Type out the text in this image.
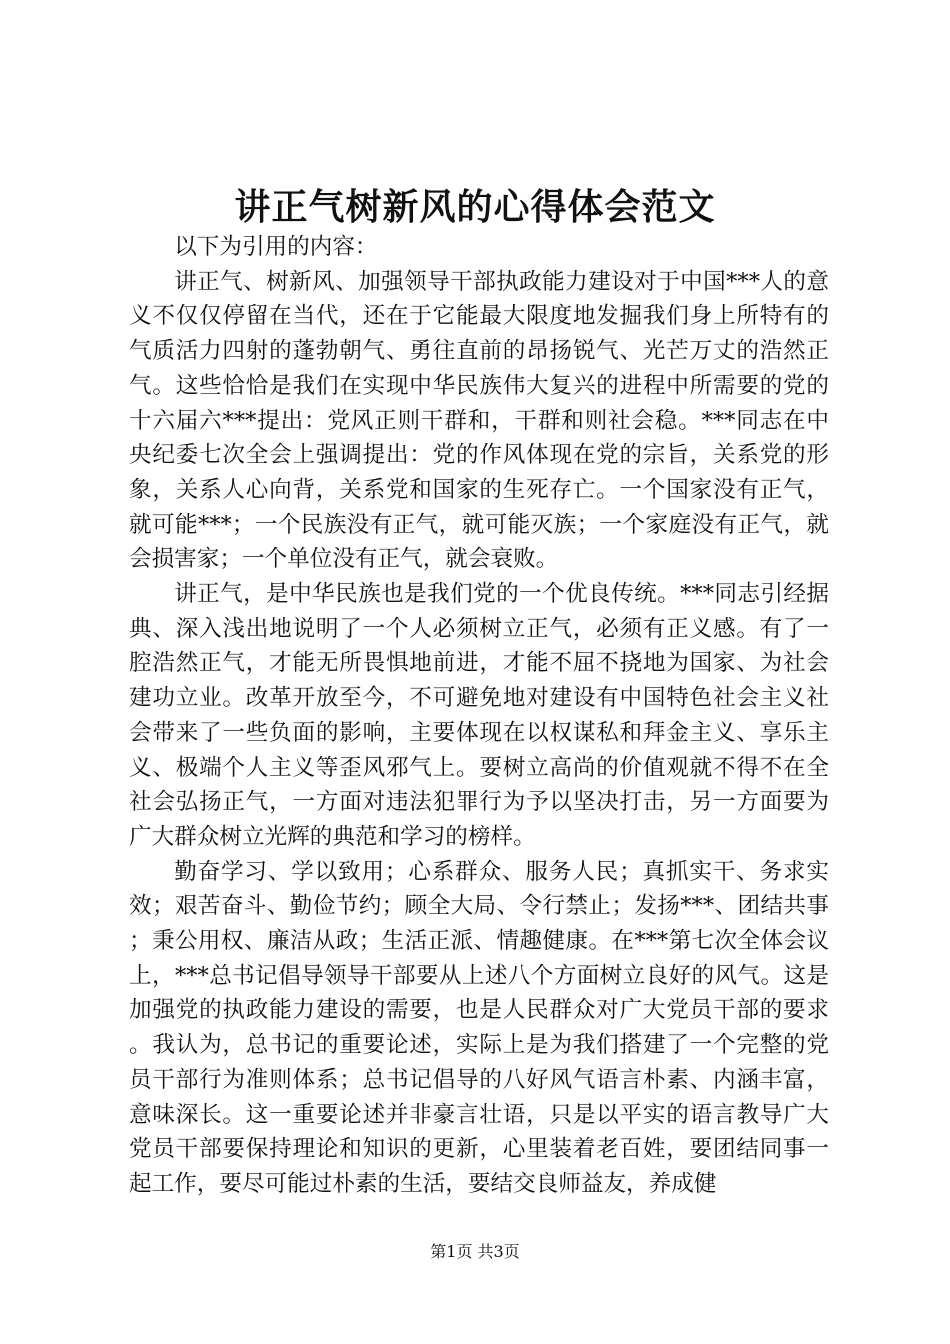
讲正气树新风的心得体会范文

以下为引用的内容：

讲正气、树新风、加强领导干部执政能力建设对于中国***人的意义不仅仅停留在当代，还在于它能最大限度地发掘我们身上所特有的气质活力四射的蓬勃朝气、勇往直前的昂扬锐气、光芒万丈的浩然正气。这些恰恰是我们在实现中华民族伟大复兴的进程中所需要的党的十六届六***提出：党风正则干群和，干群和则社会稳。***同志在中央纪委七次全会上强调提出：党的作风体现在党的宗旨，关系党的形象，关系人心向背，关系党和国家的生死存亡。一个国家没有正气，就可能***；一个民族没有正气，就可能灭族；一个家庭没有正气，就会损害家；一个单位没有正气，就会衰败。

讲正气，是中华民族也是我们党的一个优良传统。***同志引经据典、深入浅出地说明了一个人必须树立正气，必须有正义感。有了一腔浩然正气，才能无所畏惧地前进，才能不屈不挠地为国家、为社会建功立业。改革开放至今，不可避免地对建设有中国特色社会主义社会带来了一些负面的影响，主要体现在以权谋私和拜金主义、享乐主义、极端个人主义等歪风邪气上。要树立高尚的价值观就不得不在全社会弘扬正气，一方面对违法犯罪行为予以坚决打击，另一方面要为广大群众树立光辉的典范和学习的榜样。

勤奋学习、学以致用；心系群众、服务人民；真抓实干、务求实效；艰苦奋斗、勤俭节约；顾全大局、令行禁止；发扬***、团结共事；秉公用权、廉洁从政；生活正派、情趣健康。在***第七次全体会议上，***总书记倡导领导干部要从上述八个方面树立良好的风气。这是加强党的执政能力建设的需要，也是人民群众对广大党员干部的要求。我认为，总书记的重要论述，实际上是为我们搭建了一个完整的党员干部行为准则体系；总书记倡导的八好风气语言朴素、内涵丰富，意味深长。这一重要论述并非豪言壮语，只是以平实的语言教导广大党员干部要保持理论和知识的更新，心里装着老百姓，要团结同事一起工作，要尽可能过朴素的生活，要结交良师益友，养成健

第1页 共3页
